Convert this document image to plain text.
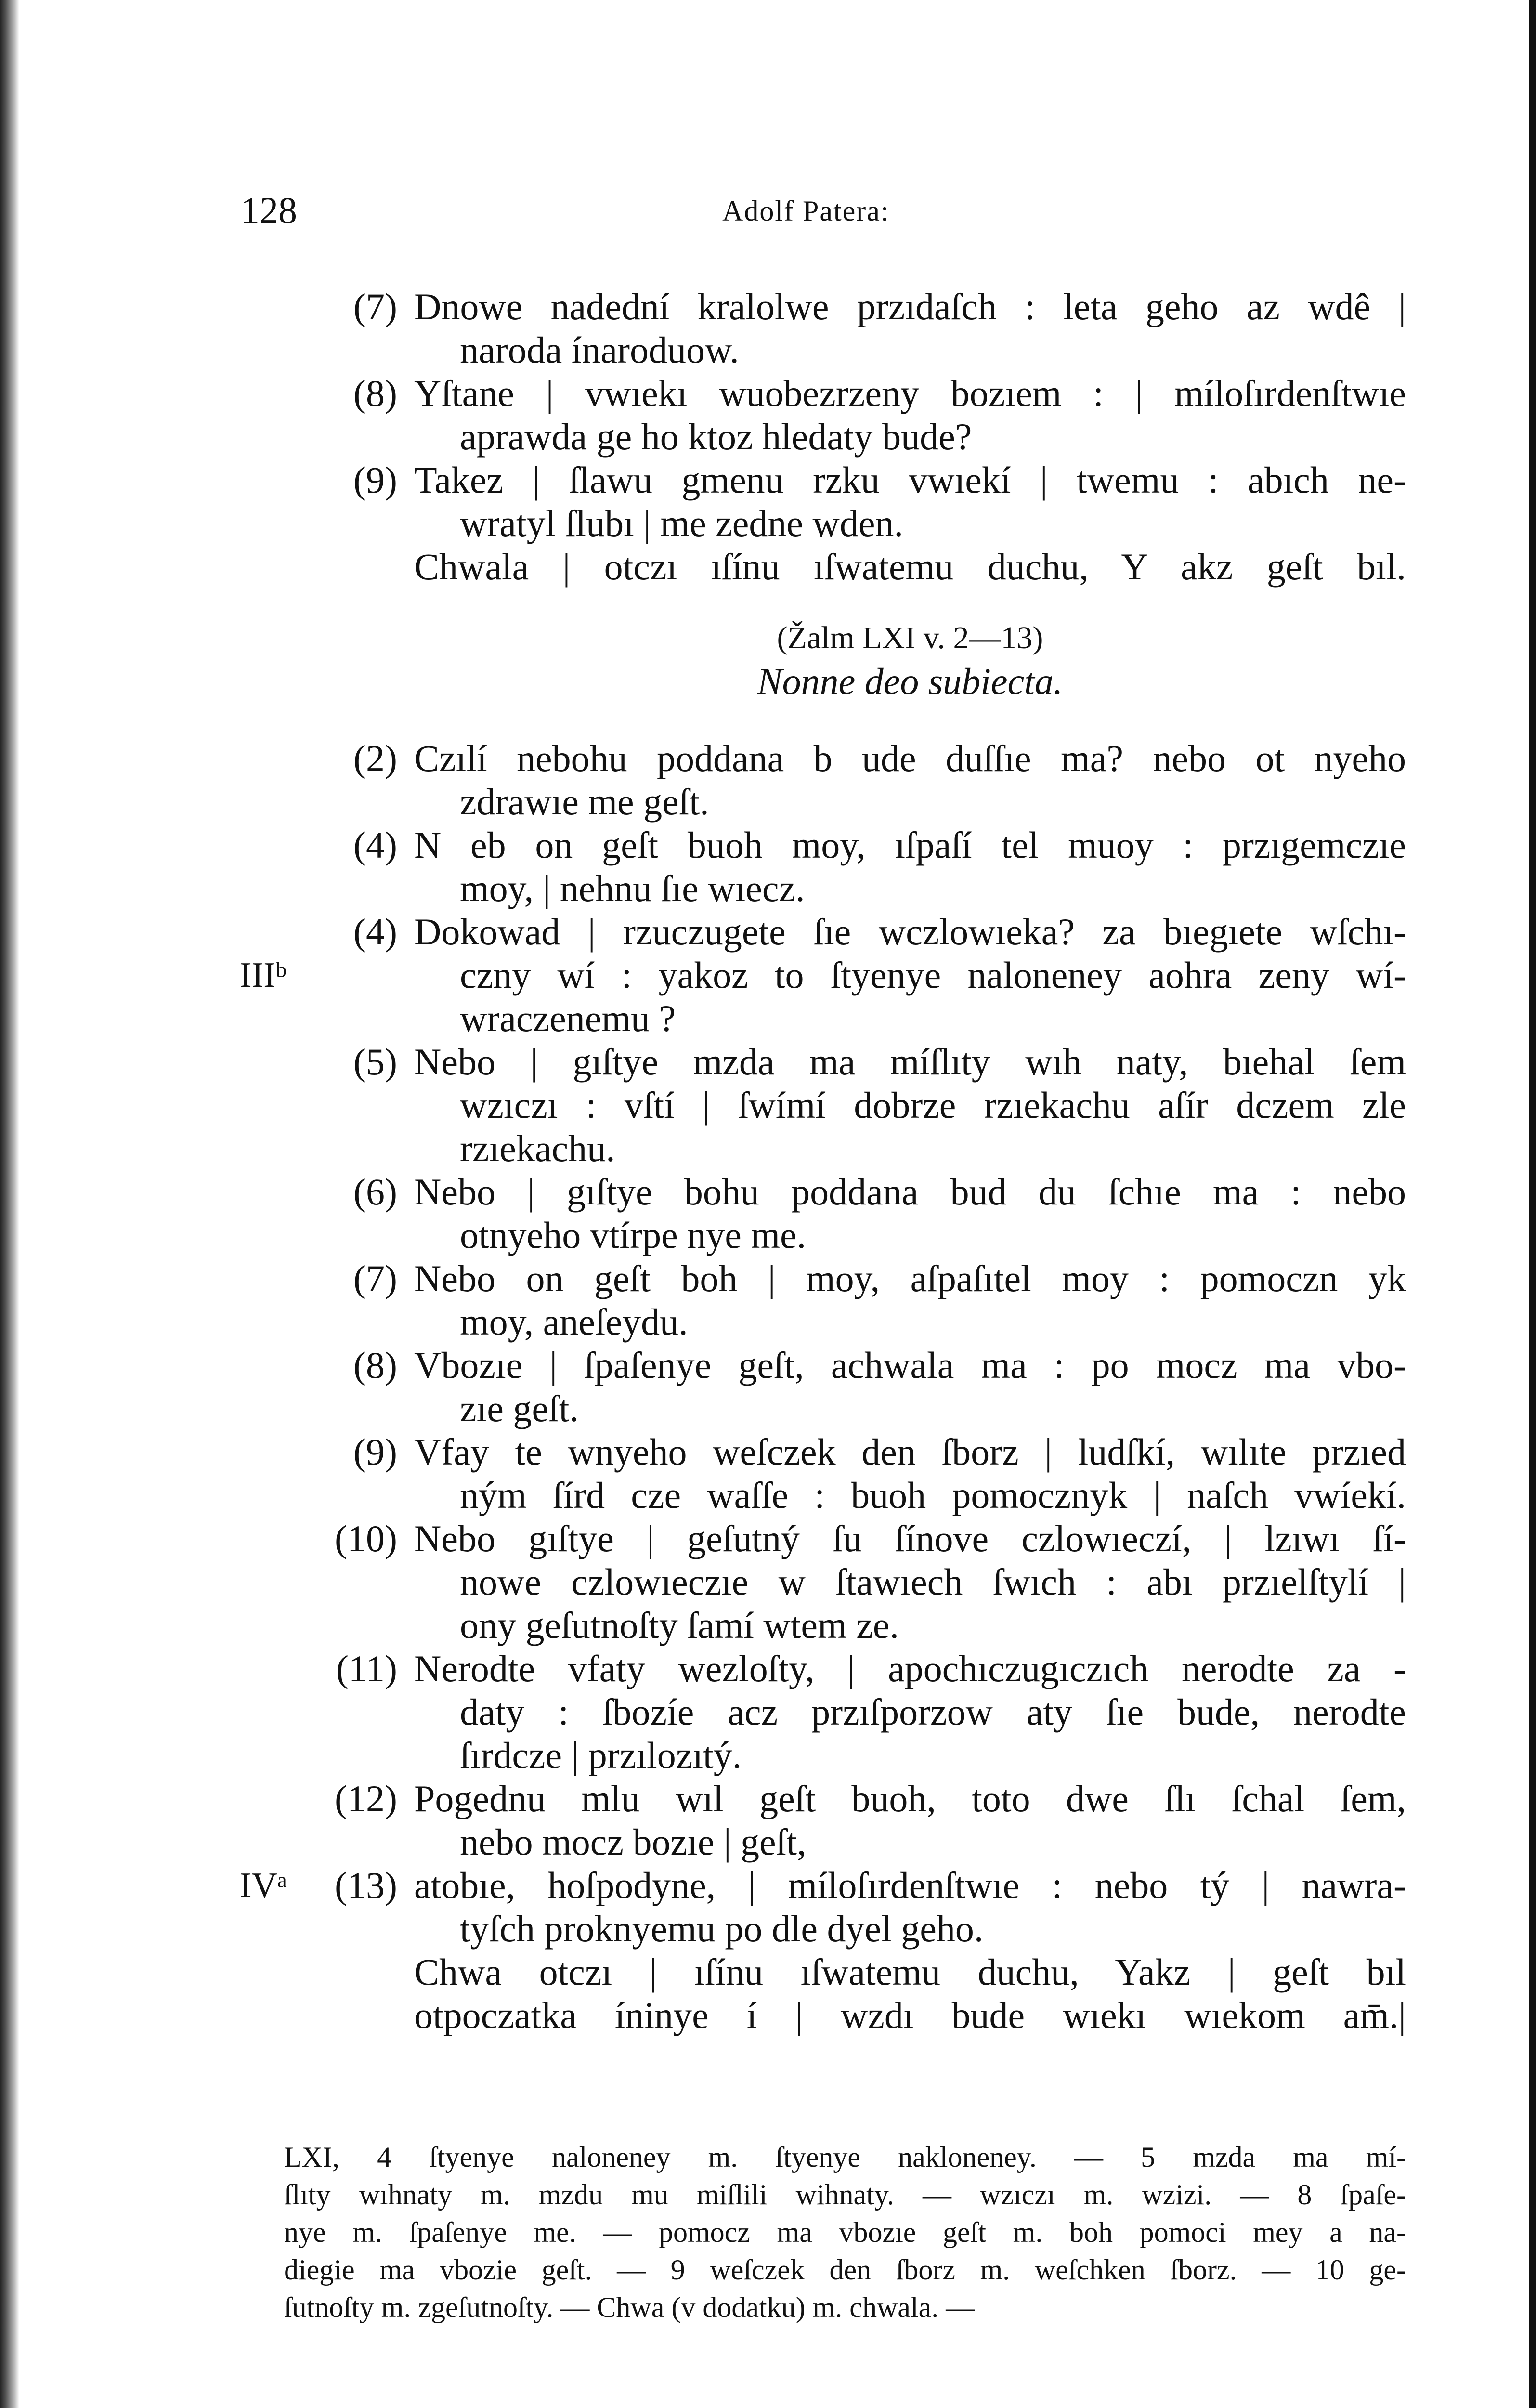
128	Adolf Patera:
(7) Dnowe nadední kralolwe przıdaſch : leta geho az wdê |
naroda ínaroduow.
(8) Yſtane | vwıekı wuobezrzeny bozıem : | míloſırdenſtwıe
aprawda ge ho ktoz hledaty bude?
(9) Takez | ſlawu gmenu rzku vwıekí | twemu : abıch ne-
wratyl ſlubı | me zedne wden.
Chwala | otczı ıſínu ıſwatemu duchu, Y akz geſt bıl.
(Žalm LXI v. 2—13)
Nonne deo subiecta.
(2) Czılí nebohu poddana b ude duſſıe ma? nebo ot nyeho
zdrawıe me geſt.
(4) N eb on geſt buoh moy, ıſpaſí tel muoy : przıgemczıe
moy, | nehnu ſıe wıecz.
(4) Dokowad | rzuczugete ſıe wczlowıeka? za bıegıete wſchı-
IIIᵇ	czny wí : yakoz to ſtyenye naloneney aohra zeny wí-
wraczenemu ?
(5) Nebo | gıſtye mzda ma míſlıty wıh naty, bıehal ſem
wzıczı : vſtí | ſwímí dobrze rzıekachu aſír dczem zle
rzıekachu.
(6) Nebo | gıſtye bohu poddana bud du ſchıe ma : nebo
otnyeho vtírpe nye me.
(7) Nebo on geſt boh | moy, aſpaſıtel moy : pomoczn yk
moy, aneſeydu.
(8) Vbozıe | ſpaſenye geſt, achwala ma : po mocz ma vbo-
zıe geſt.
(9) Vfay te wnyeho weſczek den ſborz | ludſkí, wılıte przıed
ným ſírd cze waſſe : buoh pomocznyk | naſch vwíekí.
(10) Nebo gıſtye | geſutný ſu ſínove czlowıeczí, | lzıwı ſí-
nowe czlowıeczıe w ſtawıech ſwıch : abı przıelſtylí |
ony geſutnoſty ſamí wtem ze.
(11) Nerodte vfaty wezloſty, | apochıczugıczıch nerodte za -
daty : ſbozíe acz przıſporzow aty ſıe bude, nerodte
ſırdcze | przılozıtý.
(12) Pogednu mlu wıl geſt buoh, toto dwe ſlı ſchal ſem,
nebo mocz bozıe | geſt,
(13)
IVᵃ	atobıe, hoſpodyne, | míloſırdenſtwıe : nebo tý | nawra-
tyſch proknyemu po dle dyel geho.
Chwa otczı | ıſínu ıſwatemu duchu, Yakz | geſt bıl
otpoczatka íninye í | wzdı bude wıekı wıekom am̄.|
LXI, 4 ſtyenye naloneney m. ſtyenye nakloneney. — 5 mzda ma mí-
ſlıty wıhnaty m. mzdu mu miſlili wihnaty. — wzıczı m. wzizi. — 8 ſpaſe-
nye m. ſpaſenye me. — pomocz ma vbozıe geſt m. boh pomoci mey a na-
diegie ma vbozie geſt. — 9 weſczek den ſborz m. weſchken ſborz. — 10 ge-
ſutnoſty m. zgeſutnoſty. — Chwa (v dodatku) m. chwala. —
